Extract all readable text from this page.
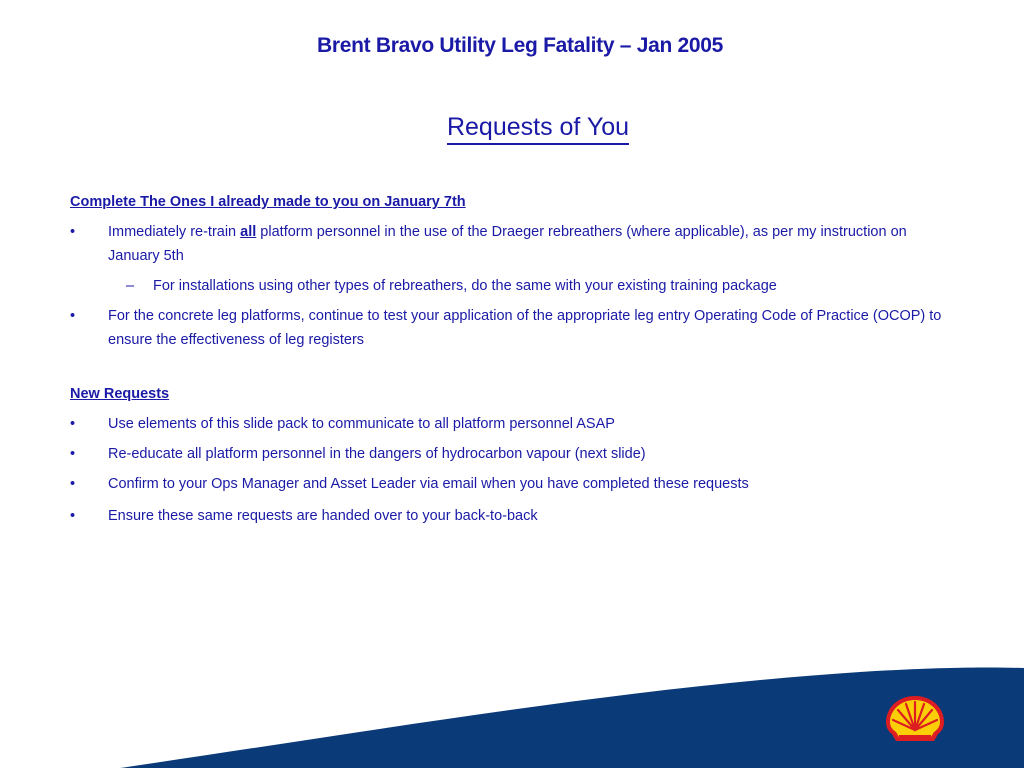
Brent Bravo Utility Leg Fatality – Jan 2005
Requests of You
Complete The Ones I already made to you on January 7th
•	Immediately re-train all platform personnel in the use of the Draeger rebreathers (where applicable), as per my instruction on January 5th
– For installations using other types of rebreathers, do the same with your existing training package
•	For the concrete leg platforms, continue to test your application of the appropriate leg entry Operating Code of Practice (OCOP) to ensure the effectiveness of leg registers
New Requests
•	Use elements of this slide pack to communicate to all platform personnel ASAP
•	Re-educate all platform personnel in the dangers of hydrocarbon vapour (next slide)
•	Confirm to your Ops Manager and Asset Leader via email when you have completed these requests
•	Ensure these same requests are handed over to your back-to-back
